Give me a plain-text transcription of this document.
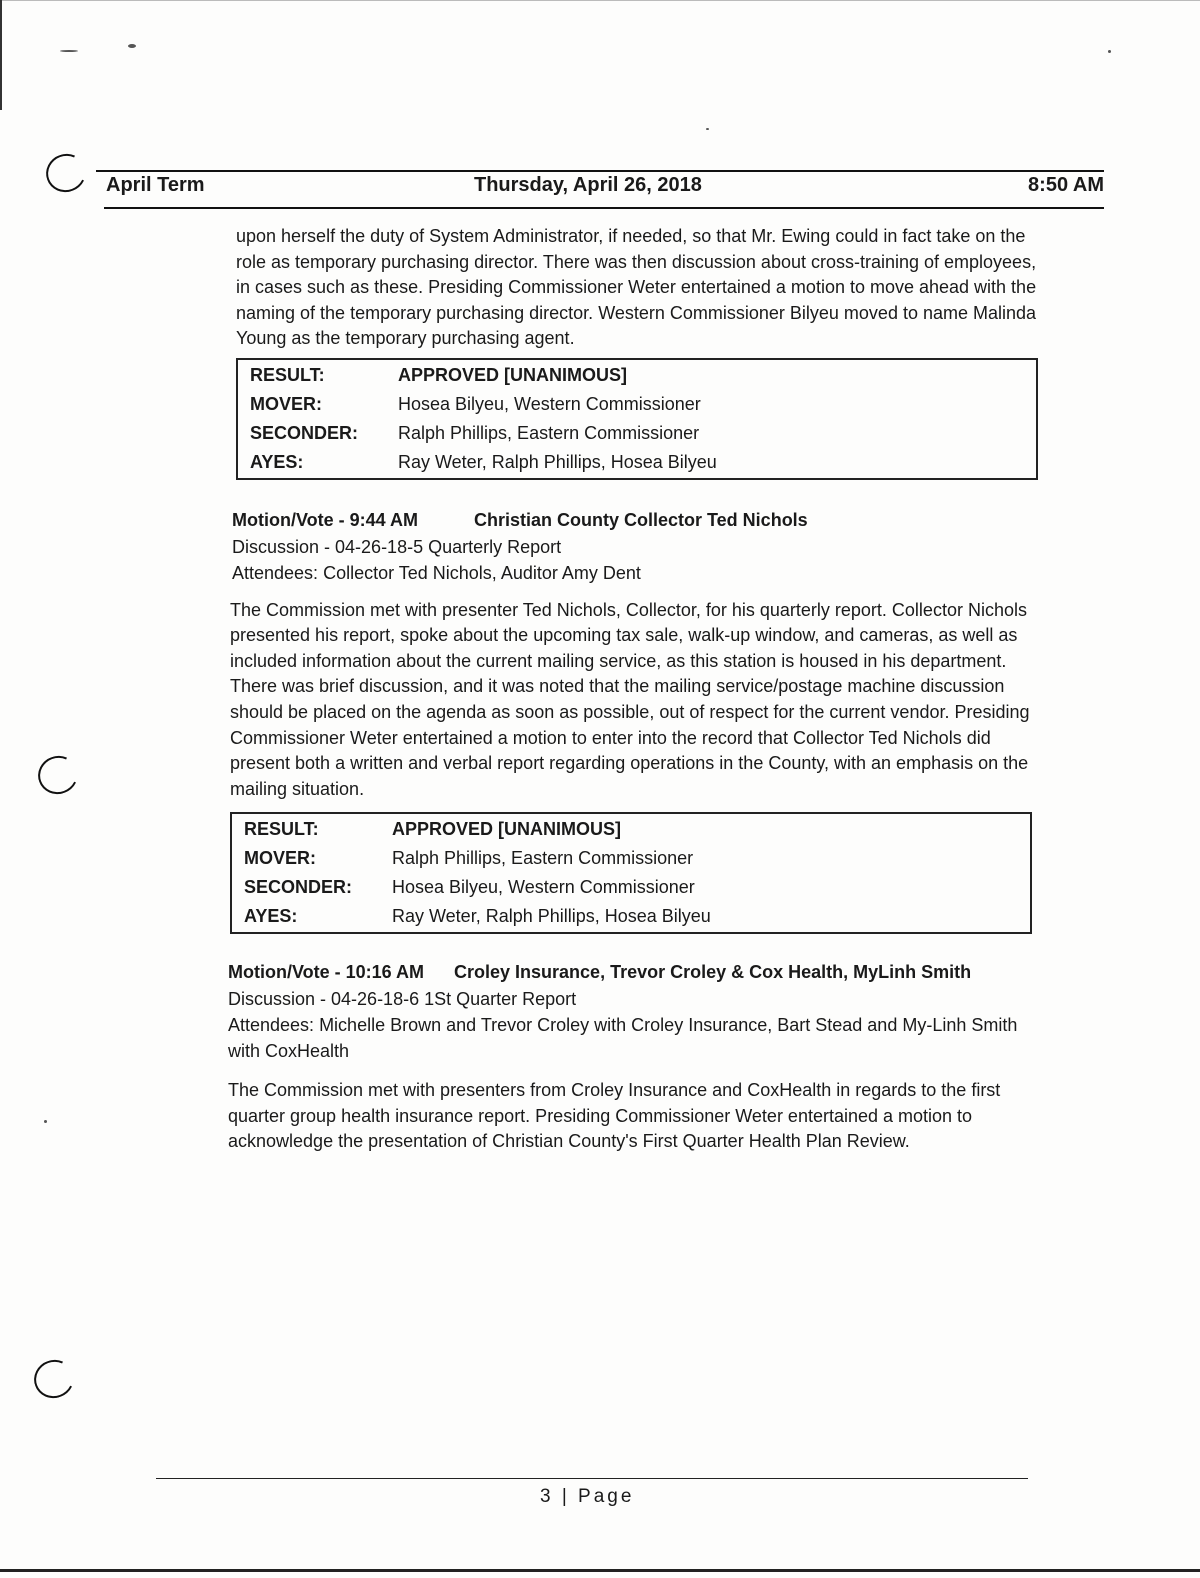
April Term	Thursday, April 26, 2018	8:50 AM

upon herself the duty of System Administrator, if needed, so that Mr. Ewing could in fact take on the role as temporary purchasing director. There was then discussion about cross-training of employees, in cases such as these. Presiding Commissioner Weter entertained a motion to move ahead with the naming of the temporary purchasing director. Western Commissioner Bilyeu moved to name Malinda Young as the temporary purchasing agent.

RESULT:	APPROVED [UNANIMOUS]
MOVER:	Hosea Bilyeu, Western Commissioner
SECONDER:	Ralph Phillips, Eastern Commissioner
AYES:	Ray Weter, Ralph Phillips, Hosea Bilyeu

Motion/Vote - 9:44 AM	Christian County Collector Ted Nichols

Discussion - 04-26-18-5 Quarterly Report

Attendees: Collector Ted Nichols, Auditor Amy Dent

The Commission met with presenter Ted Nichols, Collector, for his quarterly report. Collector Nichols presented his report, spoke about the upcoming tax sale, walk-up window, and cameras, as well as included information about the current mailing service, as this station is housed in his department. There was brief discussion, and it was noted that the mailing service/postage machine discussion should be placed on the agenda as soon as possible, out of respect for the current vendor. Presiding Commissioner Weter entertained a motion to enter into the record that Collector Ted Nichols did present both a written and verbal report regarding operations in the County, with an emphasis on the mailing situation.

RESULT:	APPROVED [UNANIMOUS]
MOVER:	Ralph Phillips, Eastern Commissioner
SECONDER:	Hosea Bilyeu, Western Commissioner
AYES:	Ray Weter, Ralph Phillips, Hosea Bilyeu

Motion/Vote - 10:16 AM Croley Insurance, Trevor Croley & Cox Health, MyLinh Smith

Discussion - 04-26-18-6 1St Quarter Report

Attendees: Michelle Brown and Trevor Croley with Croley Insurance, Bart Stead and My-Linh Smith with CoxHealth

The Commission met with presenters from Croley Insurance and CoxHealth in regards to the first quarter group health insurance report. Presiding Commissioner Weter entertained a motion to acknowledge the presentation of Christian County's First Quarter Health Plan Review.

3 | Page
